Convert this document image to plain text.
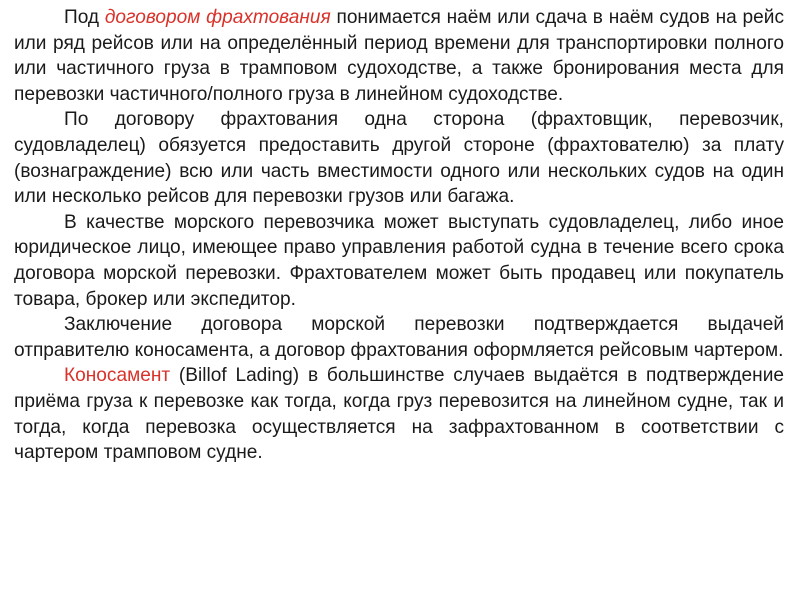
Под договором фрахтования понимается наём или сдача в наём судов на рейс или ряд рейсов или на определённый период времени для транспортировки полного или частичного груза в трамповом судоходстве, а также бронирования места для перевозки частичного/полного груза в линейном судоходстве.

По договору фрахтования одна сторона (фрахтовщик, перевозчик, судовладелец) обязуется предоставить другой стороне (фрахтователю) за плату (вознаграждение) всю или часть вместимости одного или нескольких судов на один или несколько рейсов для перевозки грузов или багажа.

В качестве морского перевозчика может выступать судовладелец, либо иное юридическое лицо, имеющее право управления работой судна в течение всего срока договора морской перевозки. Фрахтователем может быть продавец или покупатель товара, брокер или экспедитор.

Заключение договора морской перевозки подтверждается выдачей отправителю коносамента, а договор фрахтования оформляется рейсовым чартером.

Коносамент (Billof Lading) в большинстве случаев выдаётся в подтверждение приёма груза к перевозке как тогда, когда груз перевозится на линейном судне, так и тогда, когда перевозка осуществляется на зафрахтованном в соответствии с чартером трамповом судне.
